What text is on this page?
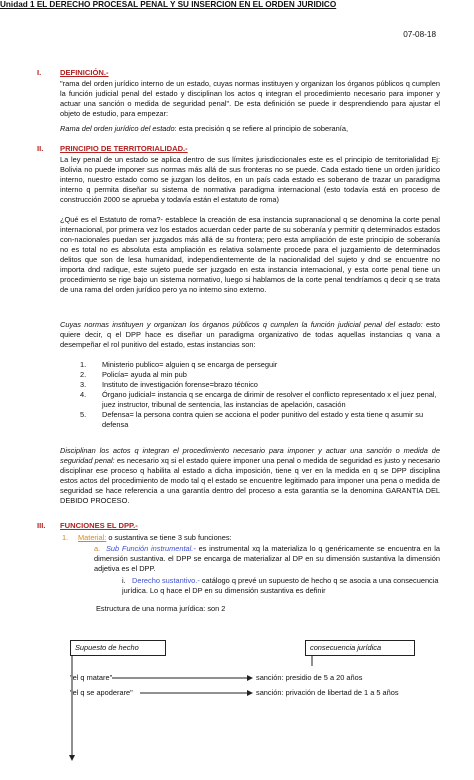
07-08-18
Unidad 1 EL DERECHO PROCESAL PENAL Y SU INSERCION EN EL ORDEN JURIDICO
I. DEFINICIÓN.-

"rama del orden jurídico interno de un estado, cuyas normas instituyen y organizan los órganos públicos q cumplen la función judicial penal del estado y disciplinan los actos q integran el procedimiento necesario para imponer y actuar una sanción o medida de seguridad penal". De esta definición se puede ir desprendiendo para ajustar el objeto de estudio, para empezar:

Rama del orden jurídico del estado: esta precisión q se refiere al principio de soberanía,

II. PRINCIPIO DE TERRITORIALIDAD.-

La ley penal de un estado se aplica dentro de sus límites jurisdiccionales este es el principio de territorialidad Ej: Bolivia no puede imponer sus normas más allá de sus fronteras no se puede. Cada estado tiene un orden jurídico interno, nuestro estado como se juzgan los delitos, en un país cada estado es soberano de trazar un paradigma interno q permita diseñar su sistema de normativa paradigma internacional (esto todavía está en proceso de construcción 2000 se aprueba y todavía están el estatuto de roma)

¿Qué es el Estatuto de roma?- establece la creación de esa instancia supranacional q se denomina la corte penal internacional, por primera vez los estados acuerdan ceder parte de su soberanía y permitir q determinados estados con-nacionales puedan ser juzgados más allá de su frontera; pero esta ampliación de este principio de soberanía no es total no es absoluta esta ampliación es relativa solamente procede para el juzgamiento de determinados delitos que son de lesa humanidad, independientemente de la nacionalidad del sujeto y dnd se encuentre no importa dnd radique, este sujeto puede ser juzgado en esta instancia internacional, y esta corte penal tiene un procedimiento se rige bajo un sistema normativo, luego si hablamos de la corte penal tendríamos q decir q se trata de una rama del orden jurídico pero ya no interno sino externo.

Cuyas normas instituyen y organizan los órganos públicos q cumplen la función judicial penal del estado: esto quiere decir, q el DPP hace es diseñar un paradigma organizativo de todas aquellas instancias q vana a desempeñar el rol punitivo del estado, estas instancias son:

1. Ministerio publico= alguien q se encarga de perseguir
2. Policía= ayuda al min pub
3. Instituto de investigación forense=brazo técnico
4. Órgano judicial= instancia q se encarga de dirimir de resolver el conflicto representado x el juez penal, juez instructor, tribunal de sentencia, las instancias de apelación, casación
5. Defensa= la persona contra quien se acciona el poder punitivo del estado y esta tiene q asumir su defensa

Disciplinan los actos q integran el procedimiento necesario para imponer y actuar una sanción o medida de seguridad penal: es necesario xq si el estado quiere imponer una penal o medida de seguridad es justo y necesario disciplinar ese proceso q habilita al estado a dicha imposición, tiene q ver en la medida en q se DPP disciplina estos actos del procedimiento de modo tal q el estado se encuentre legitimado para imponer una pena o medida de seguridad se hace referencia a una garantía dentro del proceso a esta garantía se la denomina GARANTIA DEL DEBIDO PROCESO.

III. FUNCIONES EL DPP.-

1. Material: o sustantiva se tiene 3 sub funciones:

a. Sub Función instrumental.- es instrumental xq la materializa lo q genéricamente se encuentra en la dimensión sustantiva. el DPP se encarga de materializar al DP en su dimensión sustantiva la dimensión adjetiva es el DPP.

i. Derecho sustantivo.- catálogo q prevé un supuesto de hecho q se asocia a una consecuencia jurídica. Lo q hace el DP en su dimensión sustantiva es definir

Estructura de una norma jurídica: son 2

Supuesto de hecho	consecuencia jurídica
"el q matare"	sanción: presidio de 5 a 20 años
"el q se apoderare"	sanción: privación de libertad de 1 a 5 años
